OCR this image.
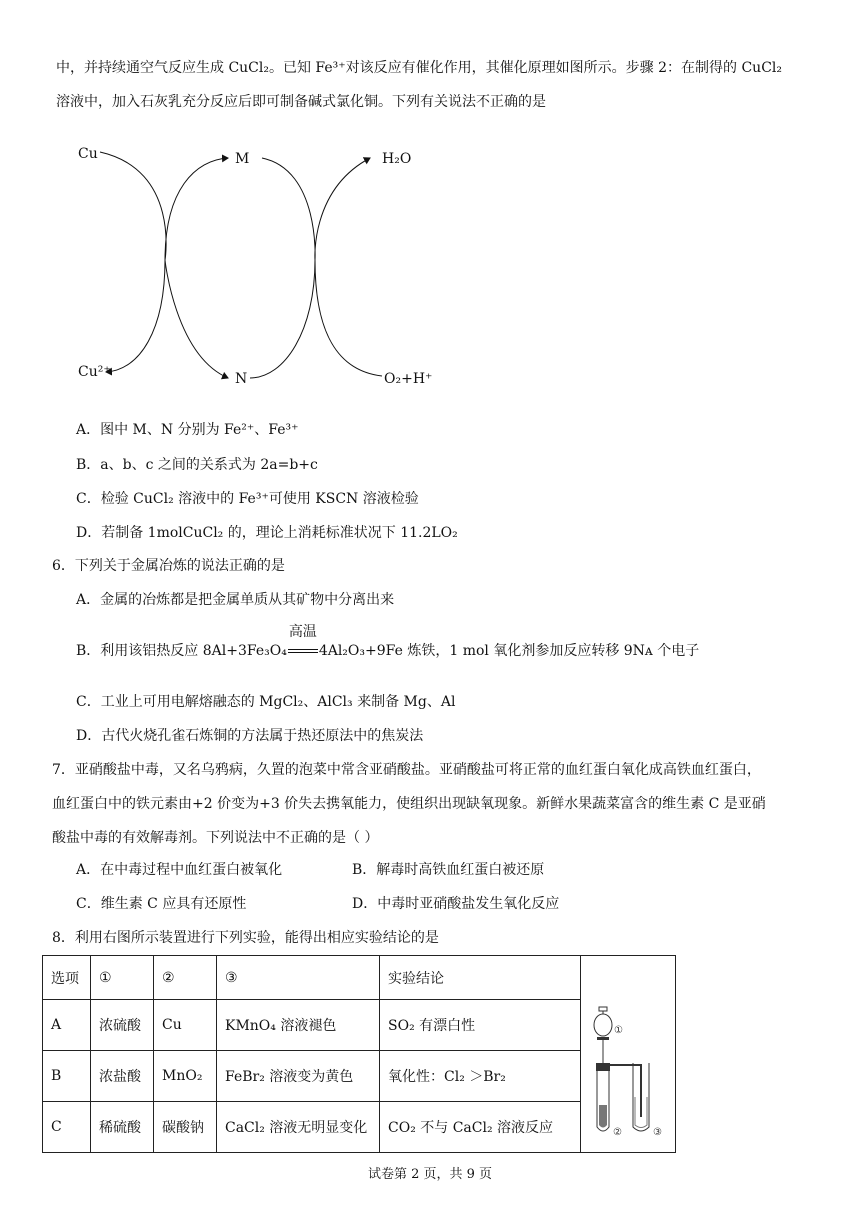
中，并持续通空气反应生成 CuCl₂。已知 Fe³⁺对该反应有催化作用，其催化原理如图所示。步骤 2：在制得的 CuCl₂
溶液中，加入石灰乳充分反应后即可制备碱式氯化铜。下列有关说法不正确的是
Cu	M	H₂O
Cu²⁺	N	O₂+H⁺
A．图中 M、N 分别为 Fe²⁺、Fe³⁺
B．a、b、c 之间的关系式为 2a=b+c
C．检验 CuCl₂ 溶液中的 Fe³⁺可使用 KSCN 溶液检验
D．若制备 1molCuCl₂ 的，理论上消耗标准状况下 11.2LO₂
6．下列关于金属冶炼的说法正确的是
A．金属的冶炼都是把金属单质从其矿物中分离出来
B．利用该铝热反应 8Al+3Fe₃O₄
高温
4Al₂O₃+9Fe 炼铁，1 mol 氧化剂参加反应转移 9Nᴀ 个电子
C．工业上可用电解熔融态的 MgCl₂、AlCl₃ 来制备 Mg、Al
D．古代火烧孔雀石炼铜的方法属于热还原法中的焦炭法
7．亚硝酸盐中毒，又名乌鸦病，久置的泡菜中常含亚硝酸盐。亚硝酸盐可将正常的血红蛋白氧化成高铁血红蛋白，
血红蛋白中的铁元素由+2 价变为+3 价失去携氧能力，使组织出现缺氧现象。新鲜水果蔬菜富含的维生素 C 是亚硝
酸盐中毒的有效解毒剂。下列说法中不正确的是（ ）
A．在中毒过程中血红蛋白被氧化	B．解毒时高铁血红蛋白被还原
C．维生素 C 应具有还原性	D．中毒时亚硝酸盐发生氧化反应
8．利用右图所示装置进行下列实验，能得出相应实验结论的是
选项	①	②	③	实验结论	①
② ③

A	浓硫酸	Cu	KMnO₄ 溶液褪色	SO₂ 有漂白性	
B	浓盐酸	MnO₂	FeBr₂ 溶液变为黄色	氧化性：Cl₂ ＞Br₂	
C	稀硫酸	碳酸钠	CaCl₂ 溶液无明显变化	CO₂ 不与 CaCl₂ 溶液反应	
试卷第 2 页，共 9 页
